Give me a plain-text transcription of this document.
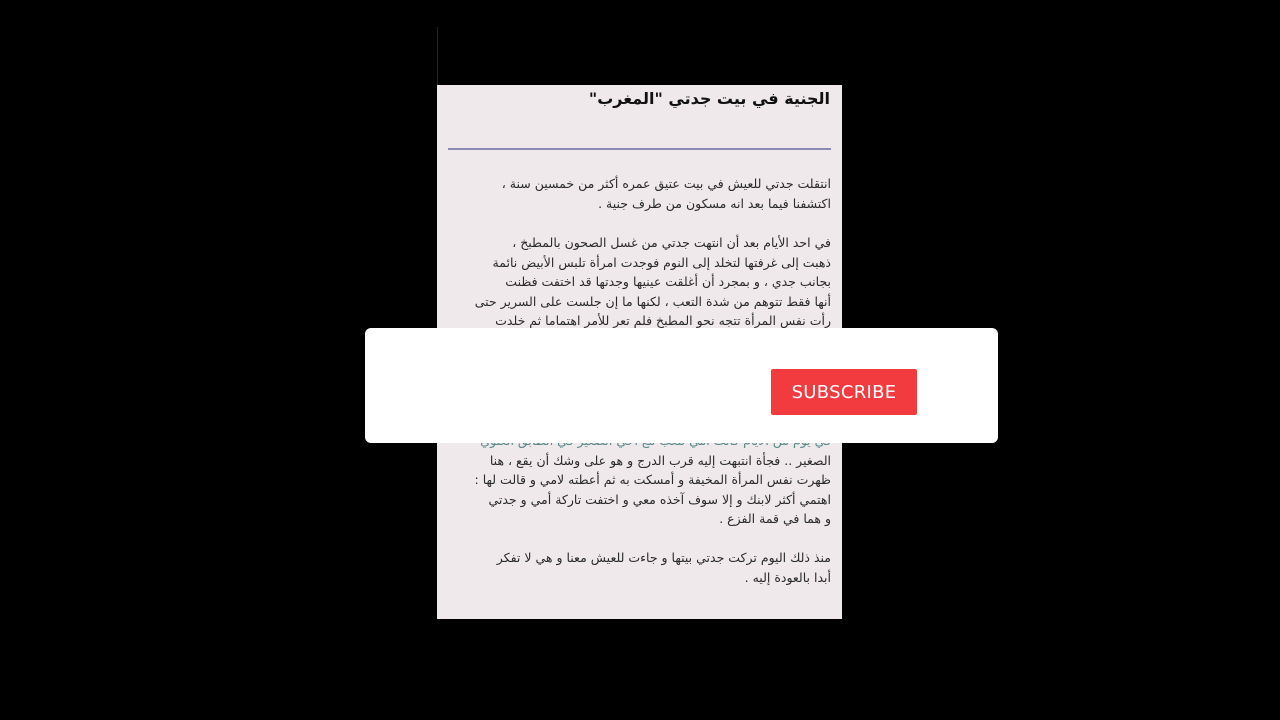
الجنية في بيت جدتي "المغرب"

انتقلت جدتي للعيش في بيت عتيق عمره أكثر من خمسين سنة ،
اكتشفنا فيما بعد انه مسكون من طرف جنية .

في احد الأيام بعد أن انتهت جدتي من غسل الصحون بالمطبخ ،
ذهبت إلى غرفتها لتخلد إلى النوم فوجدت امرأة تلبس الأبيض نائمة
بجانب جدي ، و بمجرد أن أغلقت عينيها وجدتها قد اختفت فظنت
أنها فقط تتوهم من شدة التعب ، لكنها ما إن جلست على السرير حتى
رأت نفس المرأة تتجه نحو المطبخ فلم تعر للأمر اهتماما ثم خلدت

الصغير .. فجأة انتبهت إليه قرب الدرج و هو على وشك أن يقع ، هنا
ظهرت نفس المرأة المخيفة و أمسكت به ثم أعطته لامي و قالت لها :
اهتمي أكثر لابنك و إلا سوف آخذه معي و اختفت تاركة أمي و جدتي
و هما في قمة الفزع .

منذ ذلك اليوم تركت جدتي بيتها و جاءت للعيش معنا و هي لا تفكر
أبدا بالعودة إليه .

SUBSCRIBE
